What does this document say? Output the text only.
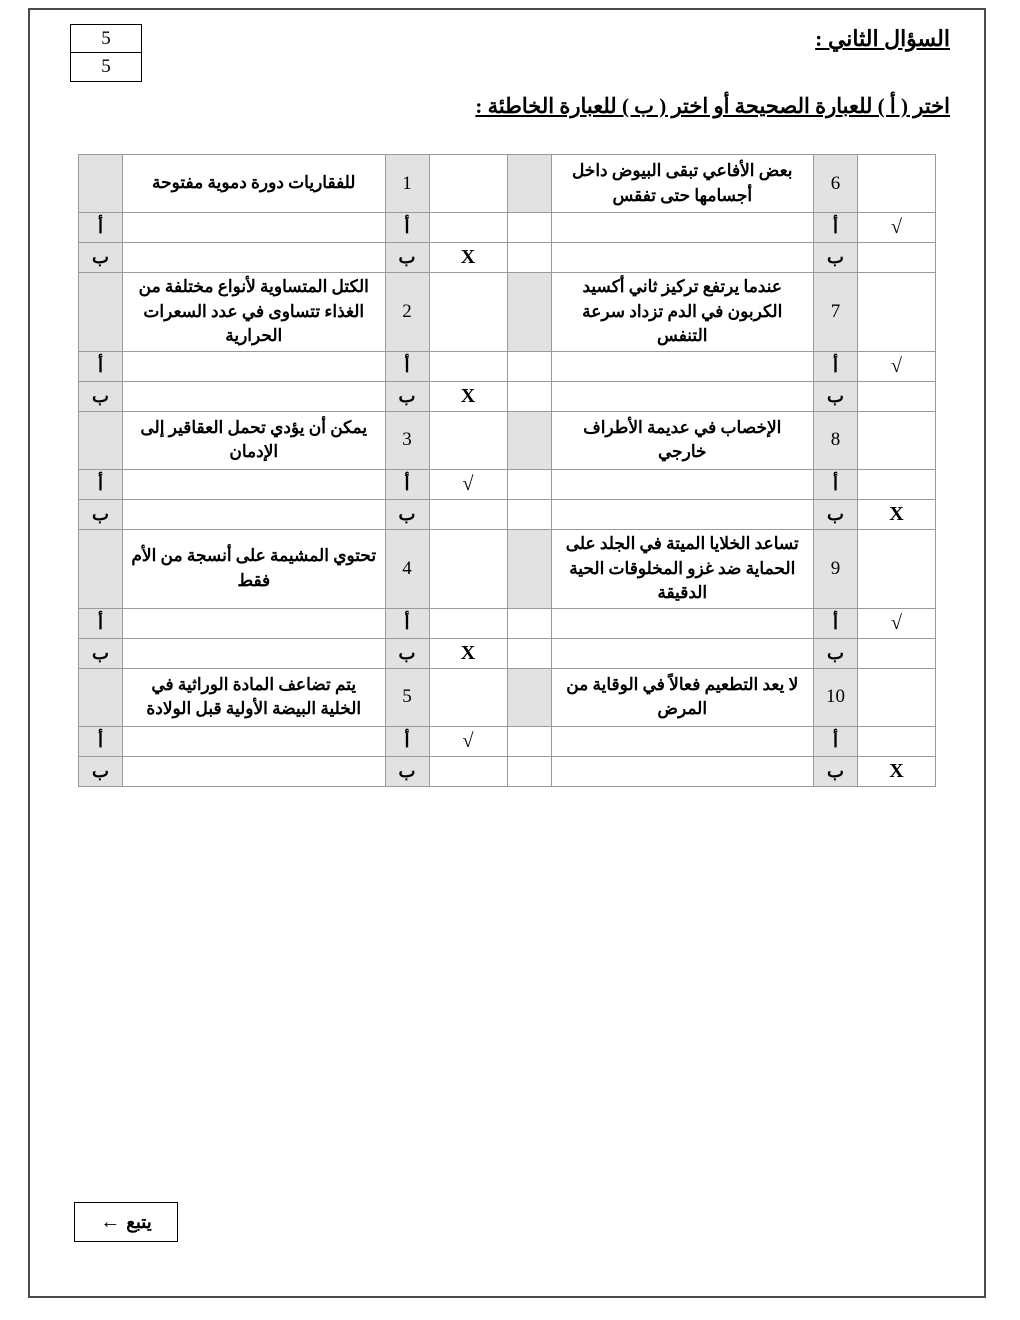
5
5
السؤال الثاني :
اختر ( أ ) للعبارة الصحيحة أو اختر ( ب ) للعبارة الخاطئة :
	6	بعض الأفاعي تبقى البيوض داخل أجسامها حتى تفقس			1	للفقاريات دورة دموية مفتوحة	
√	أ				أ		أ
	ب			X	ب		ب
	7	عندما يرتفع تركيز ثاني أكسيد الكربون في الدم تزداد سرعة التنفس			2	الكتل المتساوية لأنواع مختلفة من الغذاء تتساوى في عدد السعرات الحرارية	
√	أ				أ		أ
	ب			X	ب		ب
	8	الإخصاب في عديمة الأطراف خارجي			3	يمكن أن يؤدي تحمل العقاقير إلى الإدمان	
	أ			√	أ		أ
X	ب				ب		ب
	9	تساعد الخلايا الميتة في الجلد على الحماية ضد غزو المخلوقات الحية الدقيقة			4	تحتوي المشيمة على أنسجة من الأم فقط	
√	أ				أ		أ
	ب			X	ب		ب
	10	لا يعد التطعيم فعالاً في الوقاية من المرض			5	يتم تضاعف المادة الوراثية في الخلية البيضة الأولية قبل الولادة	
	أ			√	أ		أ
X	ب				ب		ب
يتبع
←
